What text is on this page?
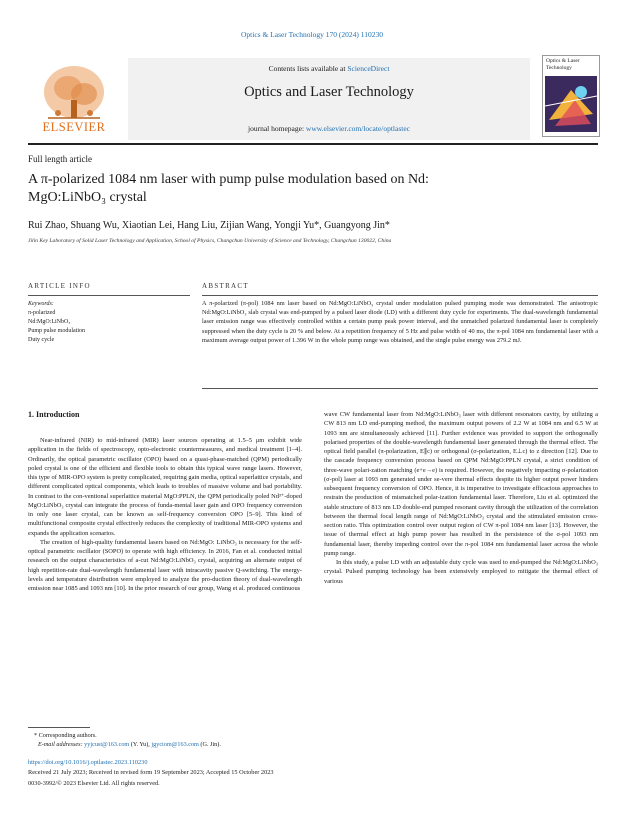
Optics & Laser Technology 170 (2024) 110230
Contents lists available at ScienceDirect
Optics and Laser Technology
journal homepage: www.elsevier.com/locate/optlastec
ELSEVIER
Optics & Laser Technology
Full length article
A π-polarized 1084 nm laser with pump pulse modulation based on Nd:
MgO:LiNbO₃ crystal
Rui Zhao, Shuang Wu, Xiaotian Lei, Hang Liu, Zijian Wang, Yongji Yu*, Guangyong Jin*
Jilin Key Laboratory of Solid Laser Technology and Application, School of Physics, Changchun University of Science and Technology, Changchun 130022, China
ARTICLE INFO	ABSTRACT
Keywords:
π-polarized
Nd:MgO:LiNbO₃
Pump pulse modulation
Duty cycle
A π-polarized (π-pol) 1084 nm laser based on Nd:MgO:LiNbO₃ crystal under modulation pulsed pumping mode was demonstrated. The anisotropic Nd:MgO:LiNbO₃ slab crystal was end-pumped by a pulsed laser diode (LD) with a different duty cycle for experiments. The dual-wavelength fundamental laser emission range was effectively controlled within a certain pump peak power interval, and the unmatched polarized fundamental laser is completely suppressed when the duty cycle is 20 % and below. At a repetition frequency of 5 Hz and pulse width of 40 ms, the π-pol 1084 nm fundamental laser with a maximum average output power of 1.396 W in the whole pump range was obtained, and the single pulse energy was 279.2 mJ.
1. Introduction

Near-infrared (NIR) to mid-infrared (MIR) laser sources operating at 1.5–5 μm exhibit wide application in the fields of spectroscopy, opto-electronic countermeasures, and medical treatment [1–4]. Ordinarily, the optical parametric oscillator (OPO) based on a quasi-phase-matched (QPM) periodically poled crystal is one of the efficient and flexible tools to obtain this typical wave range lasers. However, this type of MIR-OPO system is pretty complicated, requiring gain media, optical superlattice crystals, and different complicated optical components, which leads to troubles of massive volume and bad portability. In contrast to the con-ventional superlattice material MgO:PPLN, the QPM periodically poled Nd³⁺-doped MgO:LiNbO₃ crystal can integrate the process of funda-mental laser gain and OPO frequency conversion in only one laser crystal, can be known as self-frequency conversion OPO [5–9]. This kind of multifunctional composite crystal effectively reduces the complexity of traditional MIR-OPO systems and expands the application scenarios.

The creation of high-quality fundamental lasers based on Nd:MgO: LiNbO₃ is necessary for the self-optical parametric oscillator (SOPO) to operate with high efficiency. In 2016, Fan et al. conducted initial research on the output characteristics of a-cut Nd:MgO:LiNbO₃ crystal, acquiring an alternate output of high repetition-rate dual-wavelength fundamental laser with intracavity passive Q-switching. The energy-levels and temperature distribution were employed to analyze the pro-duction theory of dual-wavelength emission near 1085 and 1093 nm [10]. In the prior research of our group, Wang et al. produced continuous

wave CW fundamental laser from Nd:MgO:LiNbO₃ laser with different resonators cavity, by utilizing a CW 813 nm LD end-pumping method, the maximum output powers of 2.2 W at 1084 nm and 6.5 W at 1093 nm are simultaneously achieved [11]. Further evidence was provided to support the orthogonally polarised properties of the double-wavelength fundamental laser generated through the thermal effect. The optical field parallel (π-polarization, E∥c) or orthogonal (σ-polarization, E⊥c) to z direction [12]. Due to the cascade frequency conversion process based on QPM Nd:MgO:PPLN crystal, a strict condition of three-wave polari-zation matching (e+e→e) is required. However, the negatively impacting σ-polarization (σ-pol) laser at 1093 nm generated under se-vere thermal effects despite its higher output power hinders subsequent frequency conversion of OPO. Hence, it is imperative to investigate efficacious approaches to restrain the production of mismatched polar-ization fundamental laser. Therefore, Liu et al. optimized the stable structure of 813 nm LD double-end pumped resonant cavity through the utilization of the correlation between the thermal focal length range of Nd:MgO:LiNbO₃ crystal and the stimulated emission cross-section ratio. This optimization control over output region of CW π-pol 1084 nm laser [13]. However, the issue of thermal effect at high pump power has resulted in the persistence of the σ-pol 1093 nm fundamental laser, thereby impeding control over the π-pol 1084 nm fundamental laser across the whole pump range.

In this study, a pulse LD with an adjustable duty cycle was used to end-pumped the Nd:MgO:LiNbO₃ crystal. Pulsed pumping technology has been extensively employed to mitigate the thermal effect of various

* Corresponding authors.
E-mail addresses: yyjcust@163.com (Y. Yu), jgyciom@163.com (G. Jin).
https://doi.org/10.1016/j.optlastec.2023.110230
Received 21 July 2023; Received in revised form 19 September 2023; Accepted 15 October 2023
0030-3992/© 2023 Elsevier Ltd. All rights reserved.
